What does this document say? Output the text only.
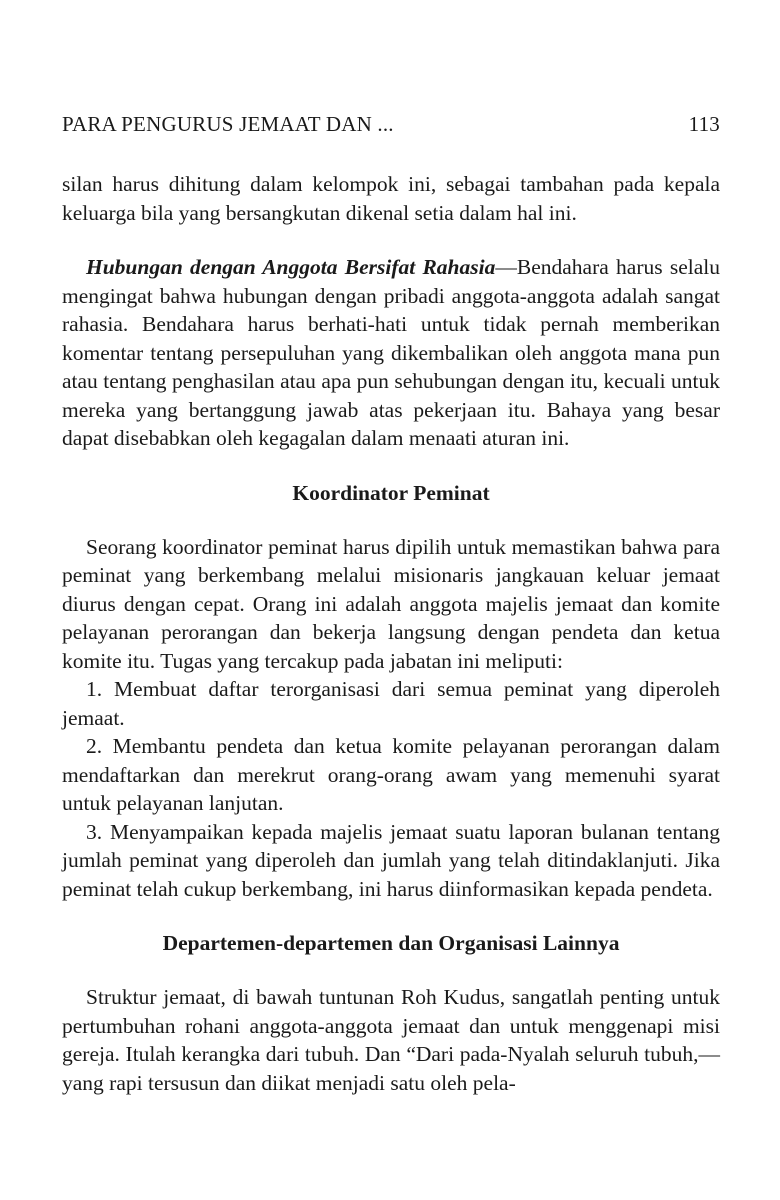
PARA PENGURUS JEMAAT DAN ...	113

silan harus dihitung dalam kelompok ini, sebagai tambahan pada kepala keluarga bila yang bersangkutan dikenal setia dalam hal ini.

Hubungan dengan Anggota Bersifat Rahasia—Bendahara harus selalu mengingat bahwa hubungan dengan pribadi anggota-anggota adalah sangat rahasia. Bendahara harus berhati-hati untuk tidak pernah memberikan komentar tentang persepuluhan yang dikembalikan oleh anggota mana pun atau tentang penghasilan atau apa pun sehubungan dengan itu, kecuali untuk mereka yang bertanggung jawab atas pekerjaan itu. Bahaya yang besar dapat disebabkan oleh kegagalan dalam menaati aturan ini.

Koordinator Peminat

Seorang koordinator peminat harus dipilih untuk memastikan bahwa para peminat yang berkembang melalui misionaris jangkauan keluar jemaat diurus dengan cepat. Orang ini adalah anggota majelis jemaat dan komite pelayanan perorangan dan bekerja langsung dengan pendeta dan ketua komite itu. Tugas yang tercakup pada jabatan ini meliputi:

1. Membuat daftar terorganisasi dari semua peminat yang diperoleh jemaat.

2. Membantu pendeta dan ketua komite pelayanan perorangan dalam mendaftarkan dan merekrut orang-orang awam yang memenuhi syarat untuk pelayanan lanjutan.

3. Menyampaikan kepada majelis jemaat suatu laporan bulanan tentang jumlah peminat yang diperoleh dan jumlah yang telah ditindaklanjuti. Jika peminat telah cukup berkembang, ini harus diinformasikan kepada pendeta.

Departemen-departemen dan Organisasi Lainnya

Struktur jemaat, di bawah tuntunan Roh Kudus, sangatlah penting untuk pertumbuhan rohani anggota-anggota jemaat dan untuk menggenapi misi gereja. Itulah kerangka dari tubuh. Dan “Dari pada-Nyalah seluruh tubuh,—yang rapi tersusun dan diikat menjadi satu oleh pela-
